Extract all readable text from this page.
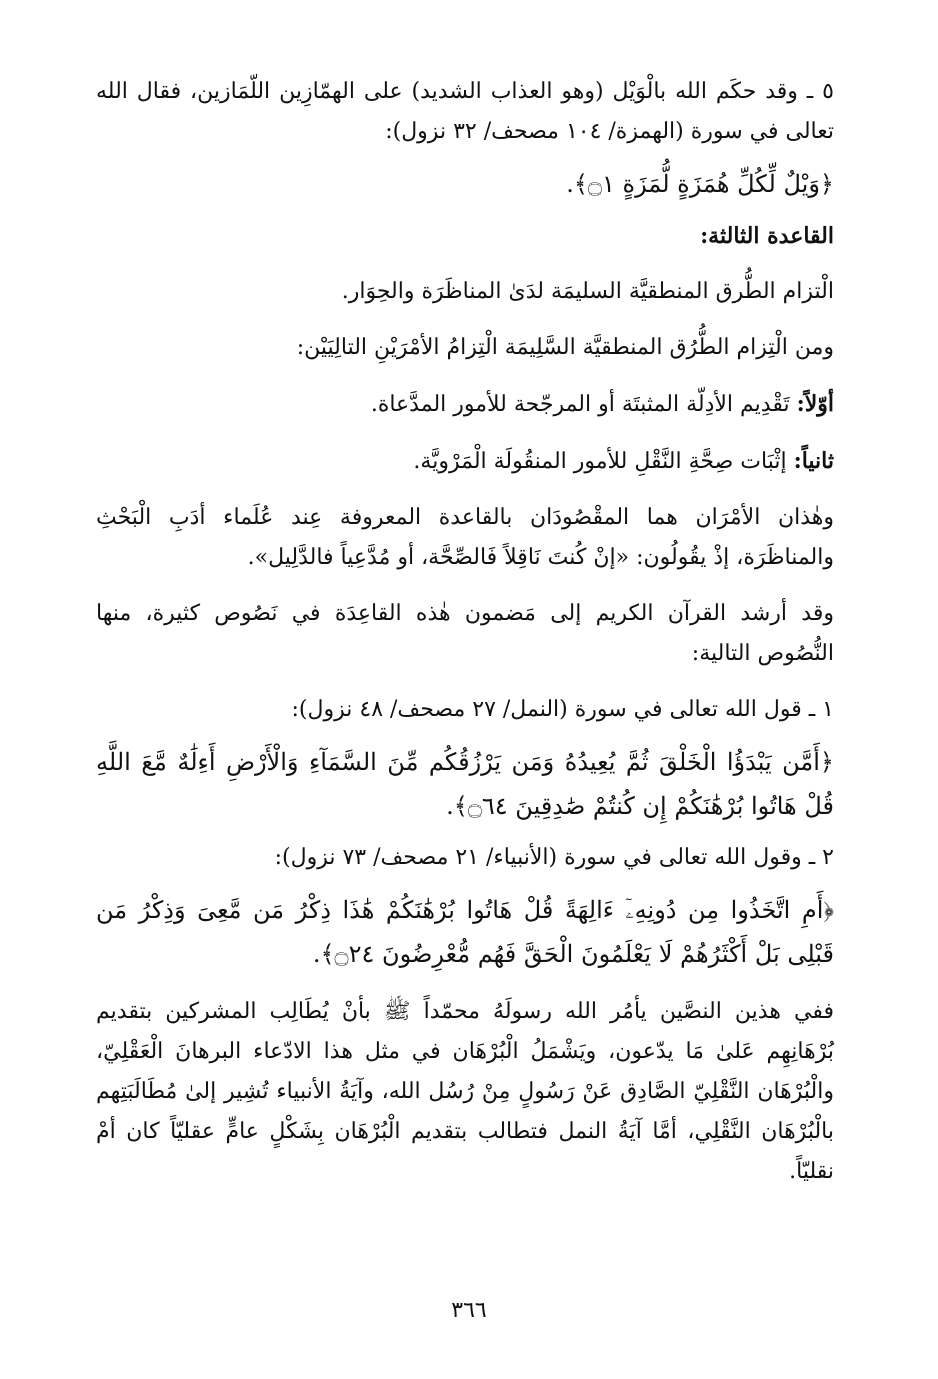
٥ ـ وقد حكَم الله بالْوَيْل (وهو العذاب الشديد) على الهمّازِين اللّمَازين، فقال الله تعالى في سورة (الهمزة/ ١٠٤ مصحف/ ٣٢ نزول):

﴿وَيْلٌ لِّكُلِّ هُمَزَةٍ لُّمَزَةٍ ۝١﴾.

القاعدة الثالثة:

الْتزام الطُّرق المنطقيَّة السليمَة لدَىٰ المناظَرَة والحِوَار.

ومن الْتِزام الطُّرُق المنطقيَّة السَّلِيمَة الْتِزامُ الأمْرَيْنِ التالِيَيْن:

أوّلاً: تَقْدِيم الأدِلّة المثبتَة أو المرجّحة للأمور المدَّعاة.

ثانياً: إثْبَات صِحَّةِ النَّقْلِ للأمور المنقُولَة الْمَرْويَّة.

وهٰذان الأمْرَان هما المقْصُودَان بالقاعدة المعروفة عِند عُلَماء أدَبِ الْبَحْثِ والمناظَرَة، إذْ يقُولُون: «إنْ كُنتَ نَاقِلاً فَالصِّحَّة، أو مُدَّعِياً فالدَّلِيل».

وقد أرشد القرآن الكريم إلى مَضمون هٰذه القاعِدَة في نَصُوص كثيرة، منها النُّصُوص التالية:

١ ـ قول الله تعالى في سورة (النمل/ ٢٧ مصحف/ ٤٨ نزول):

﴿أَمَّن يَبْدَؤُا الْخَلْقَ ثُمَّ يُعِيدُهُ وَمَن يَرْزُقُكُم مِّنَ السَّمَآءِ وَالْأَرْضِ أَءِلَٰهٌ مَّعَ اللَّهِ قُلْ هَاتُوا بُرْهَٰنَكُمْ إِن كُنتُمْ صَٰدِقِينَ ۝٦٤﴾.

٢ ـ وقول الله تعالى في سورة (الأنبياء/ ٢١ مصحف/ ٧٣ نزول):

﴿أَمِ اتَّخَذُوا مِن دُونِهِۦٓ ءَالِهَةً قُلْ هَاتُوا بُرْهَٰنَكُمْ هَٰذَا ذِكْرُ مَن مَّعِىَ وَذِكْرُ مَن قَبْلِى بَلْ أَكْثَرُهُمْ لَا يَعْلَمُونَ الْحَقَّ فَهُم مُّعْرِضُونَ ۝٢٤﴾.

ففي هذين النصَّين يأمُر الله رسولَهُ محمّداً ﷺ بأنْ يُطَالِب المشركين بتقديم بُرْهَانِهِم عَلىٰ مَا يدّعون، ويَشْمَلُ الْبُرْهَان في مثل هذا الادّعاء البرهانَ الْعَقْلِيّ، والْبُرْهَان النَّقْلِيّ الصَّادِق عَنْ رَسُولٍ مِنْ رُسُل الله، وآيَةُ الأنبياء تُشِير إلىٰ مُطَالَبَتِهم بالْبُرْهَان النَّقْلِي، أمَّا آيَةُ النمل فتطالب بتقديم الْبُرْهَان بِشَكْلٍ عامٍّ عقليّاً كان أمْ نقليّاً.

٣٦٦
